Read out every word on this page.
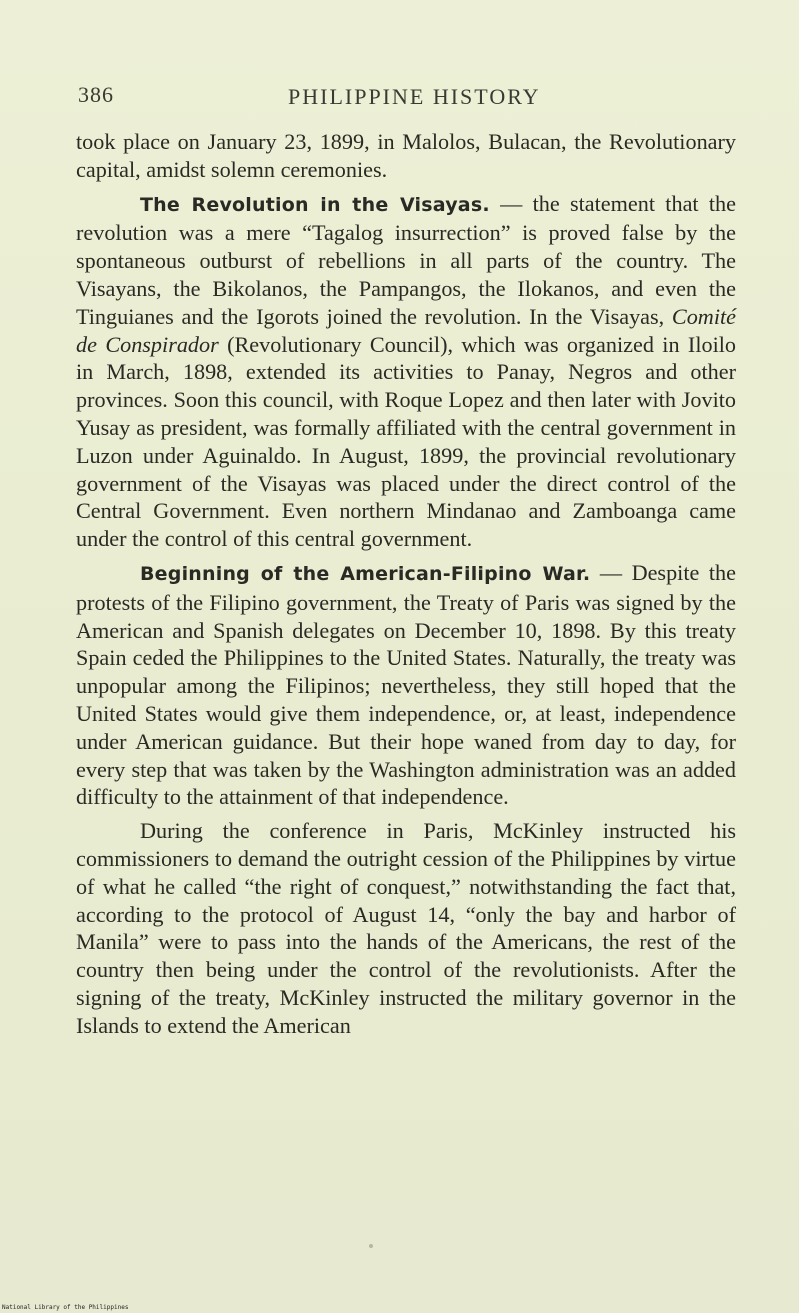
386	PHILIPPINE HISTORY

took place on January 23, 1899, in Malolos, Bulacan, the Revolutionary capital, amidst solemn ceremonies.

The Revolution in the Visayas. — the statement that the revolution was a mere “Tagalog insurrection” is proved false by the spontaneous outburst of rebellions in all parts of the country. The Visayans, the Bikolanos, the Pampangos, the Ilokanos, and even the Tinguianes and the Igorots joined the revolution. In the Visayas, Comité de Conspirador (Revolutionary Council), which was organized in Iloilo in March, 1898, extended its activities to Panay, Negros and other provinces. Soon this council, with Roque Lopez and then later with Jovito Yusay as president, was formally affiliated with the central government in Luzon under Aguinaldo. In August, 1899, the provincial revolutionary government of the Visayas was placed under the direct control of the Central Government. Even northern Mindanao and Zamboanga came under the control of this central government.

Beginning of the American-Filipino War. — Despite the protests of the Filipino government, the Treaty of Paris was signed by the American and Spanish delegates on December 10, 1898. By this treaty Spain ceded the Philippines to the United States. Naturally, the treaty was unpopular among the Filipinos; nevertheless, they still hoped that the United States would give them independence, or, at least, independence under American guidance. But their hope waned from day to day, for every step that was taken by the Washington administration was an added difficulty to the attainment of that independence.

During the conference in Paris, McKinley instructed his commissioners to demand the outright cession of the Philippines by virtue of what he called “the right of conquest,” notwithstanding the fact that, according to the protocol of August 14, “only the bay and harbor of Manila” were to pass into the hands of the Americans, the rest of the country then being under the control of the revolutionists. After the signing of the treaty, McKinley instructed the military governor in the Islands to extend the American

National Library of the Philippines
